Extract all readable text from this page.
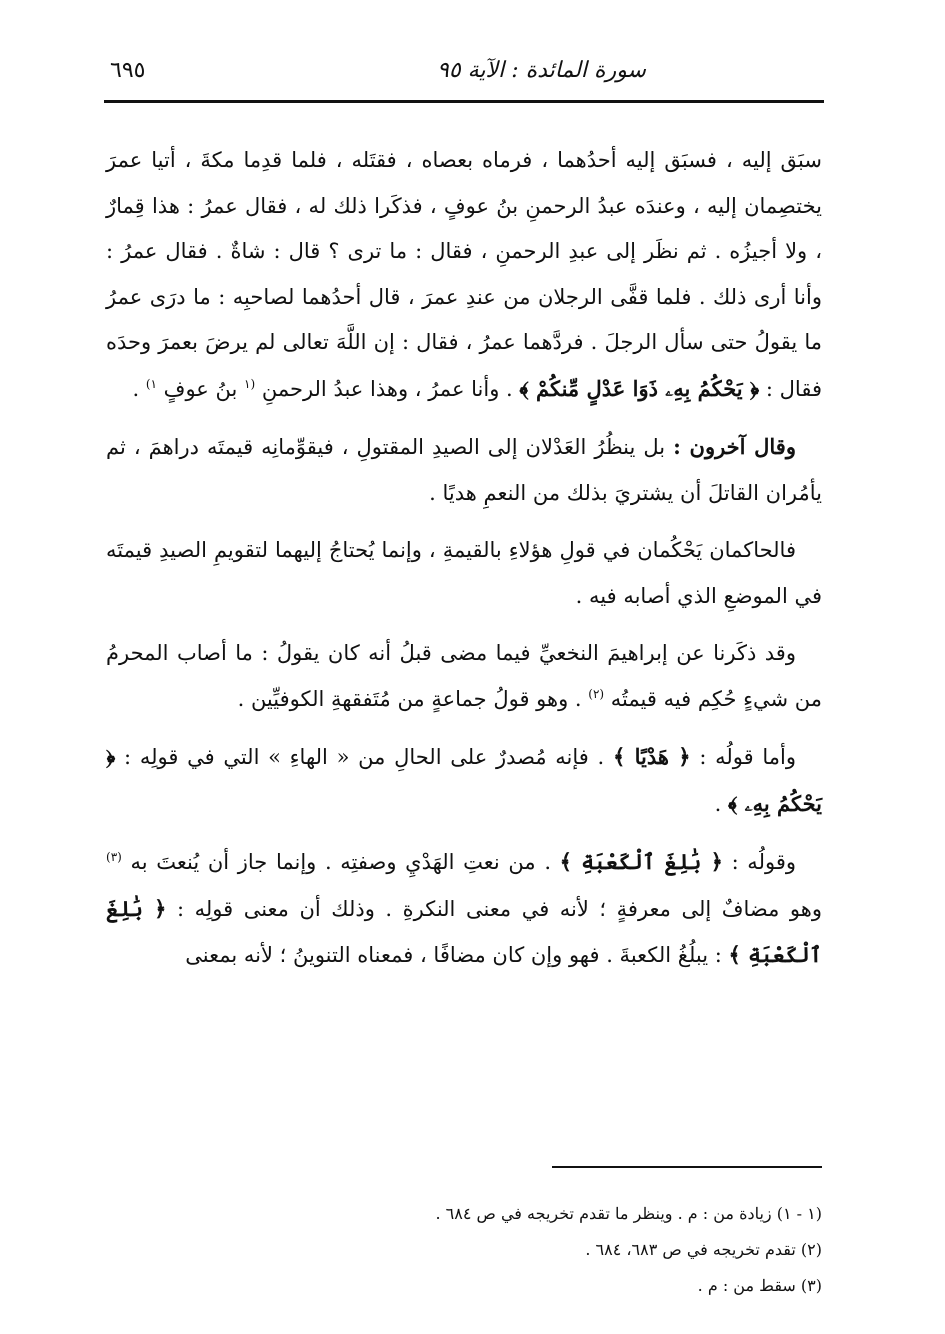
سورة المائدة : الآية ٩٥
٦٩٥

سبَق إليه ، فسبَق إليه أحدُهما ، فرماه بعصاه ، فقتَله ، فلما قدِما مكةَ ، أتيا عمرَ يختصِمان إليه ، وعندَه عبدُ الرحمنِ بنُ عوفٍ ، فذكَرا ذلك له ، فقال عمرُ : هذا قِمارٌ ، ولا أجيزُه . ثم نظَر إلى عبدِ الرحمنِ ، فقال : ما ترى ؟ قال : شاةٌ . فقال عمرُ : وأنا أرى ذلك . فلما قفَّى الرجلان من عندِ عمرَ ، قال أحدُهما لصاحبِه : ما درَى عمرُ ما يقولُ حتى سأل الرجلَ . فردَّهما عمرُ ، فقال : إن اللَّهَ تعالى لم يرضَ بعمرَ وحدَه فقال : ﴿ يَحْكُمُ بِهِۦ ذَوَا عَدْلٍ مِّنكُمْ ﴾ . وأنا عمرُ ، وهذا عبدُ الرحمنِ $^{(١}$ بنُ عوفٍ $^{١)}$ .

وقال آخرون : بل ينظُرُ العَدْلان إلى الصيدِ المقتولِ ، فيقوِّمانِه قيمتَه دراهمَ ، ثم يأمُران القاتلَ أن يشتريَ بذلك من النعمِ هديًا .

فالحاكمان يَحْكُمان في قولِ هؤلاءِ بالقيمةِ ، وإنما يُحتاجُ إليهما لتقويمِ الصيدِ قيمتَه في الموضعِ الذي أصابه فيه .

وقد ذكَرنا عن إبراهيمَ النخعيِّ فيما مضى قبلُ أنه كان يقولُ : ما أصاب المحرمُ من شيءٍ حُكِم فيه قيمتُه $^{(٢)}$ . وهو قولُ جماعةٍ من مُتَفقهةِ الكوفيِّين .

وأما قولُه : ﴿ هَدْيًا ﴾ . فإنه مُصدرٌ على الحالِ من « الهاءِ » التي في قولِه : ﴿ يَحْكُمُ بِهِۦ ﴾ .

وقولُه : ﴿ بَٰلِغَ ٱلْكَعْبَةِ ﴾ . من نعتِ الهَدْيِ وصفتِه . وإنما جاز أن يُنعتَ به $^{(٣)}$ وهو مضافٌ إلى معرفةٍ ؛ لأنه في معنى النكرةِ . وذلك أن معنى قولِه : ﴿ بَٰلِغَ ٱلْكَعْبَةِ ﴾ : يبلُغُ الكعبةَ . فهو وإن كان مضافًا ، فمعناه التنوينُ ؛ لأنه بمعنى

(١ - ١) زيادة من : م . وينظر ما تقدم تخريجه في ص ٦٨٤ .

(٢) تقدم تخريجه في ص ٦٨٣، ٦٨٤ .

(٣) سقط من : م .
